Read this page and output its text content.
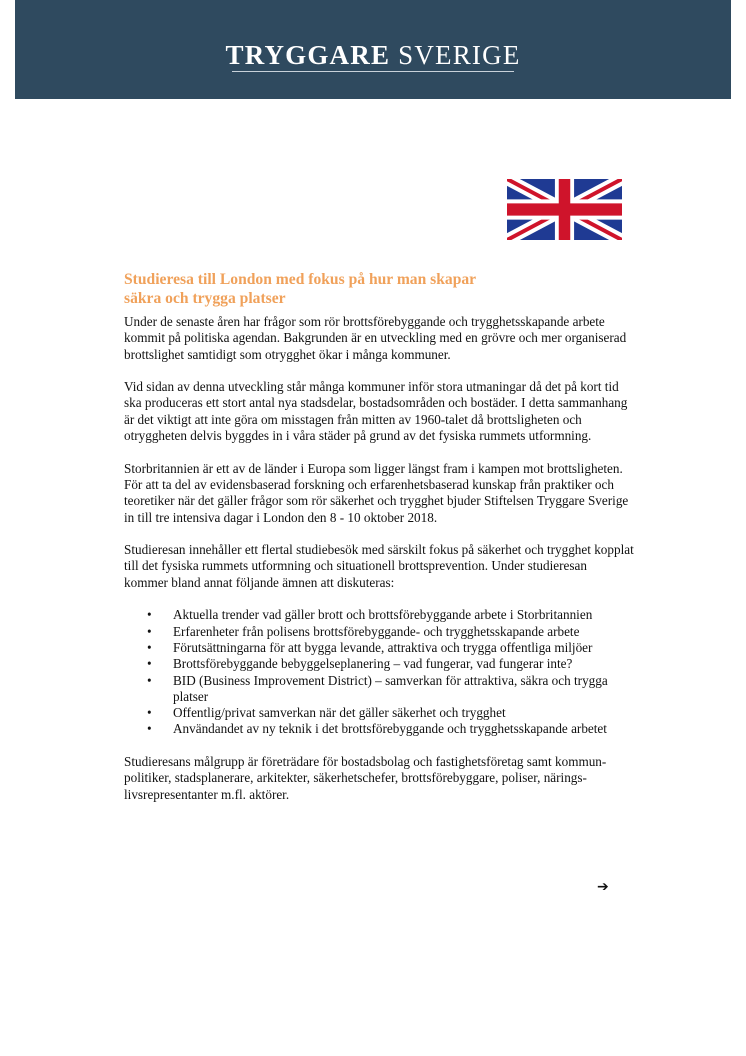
TRYGGARE SVERIGE
Studieresa till London med fokus på hur man skapar
säkra och trygga platser

Under de senaste åren har frågor som rör brottsförebyggande och trygghetsskapande arbete kommit på politiska agendan. Bakgrunden är en utveckling med en grövre och mer organiserad brottslighet samtidigt som otrygghet ökar i många kommuner.

Vid sidan av denna utveckling står många kommuner inför stora utmaningar då det på kort tid ska produceras ett stort antal nya stadsdelar, bostadsområden och bostäder. I detta sammanhang är det viktigt att inte göra om misstagen från mitten av 1960-talet då brottsligheten och otryggheten delvis byggdes in i våra städer på grund av det fysiska rummets utformning.

Storbritannien är ett av de länder i Europa som ligger längst fram i kampen mot brottsligheten. För att ta del av evidensbaserad forskning och erfarenhetsbaserad kunskap från praktiker och teoretiker när det gäller frågor som rör säkerhet och trygghet bjuder Stiftelsen Tryggare Sverige in till tre intensiva dagar i London den 8 - 10 oktober 2018.

Studieresan innehåller ett flertal studiebesök med särskilt fokus på säkerhet och trygghet kopplat till det fysiska rummets utformning och situationell brottsprevention. Under studieresan kommer bland annat följande ämnen att diskuteras:

• Aktuella trender vad gäller brott och brottsförebyggande arbete i Storbritannien
• Erfarenheter från polisens brottsförebyggande- och trygghetsskapande arbete
• Förutsättningarna för att bygga levande, attraktiva och trygga offentliga miljöer
• Brottsförebyggande bebyggelseplanering – vad fungerar, vad fungerar inte?
• BID (Business Improvement District) – samverkan för attraktiva, säkra och trygga platser
• Offentlig/privat samverkan när det gäller säkerhet och trygghet
• Användandet av ny teknik i det brottsförebyggande och trygghetsskapande arbetet

Studieresans målgrupp är företrädare för bostadsbolag och fastighetsföretag samt kommun-politiker, stadsplanerare, arkitekter, säkerhetschefer, brottsförebyggare, poliser, närings-livsrepresentanter m.fl. aktörer.

➔
